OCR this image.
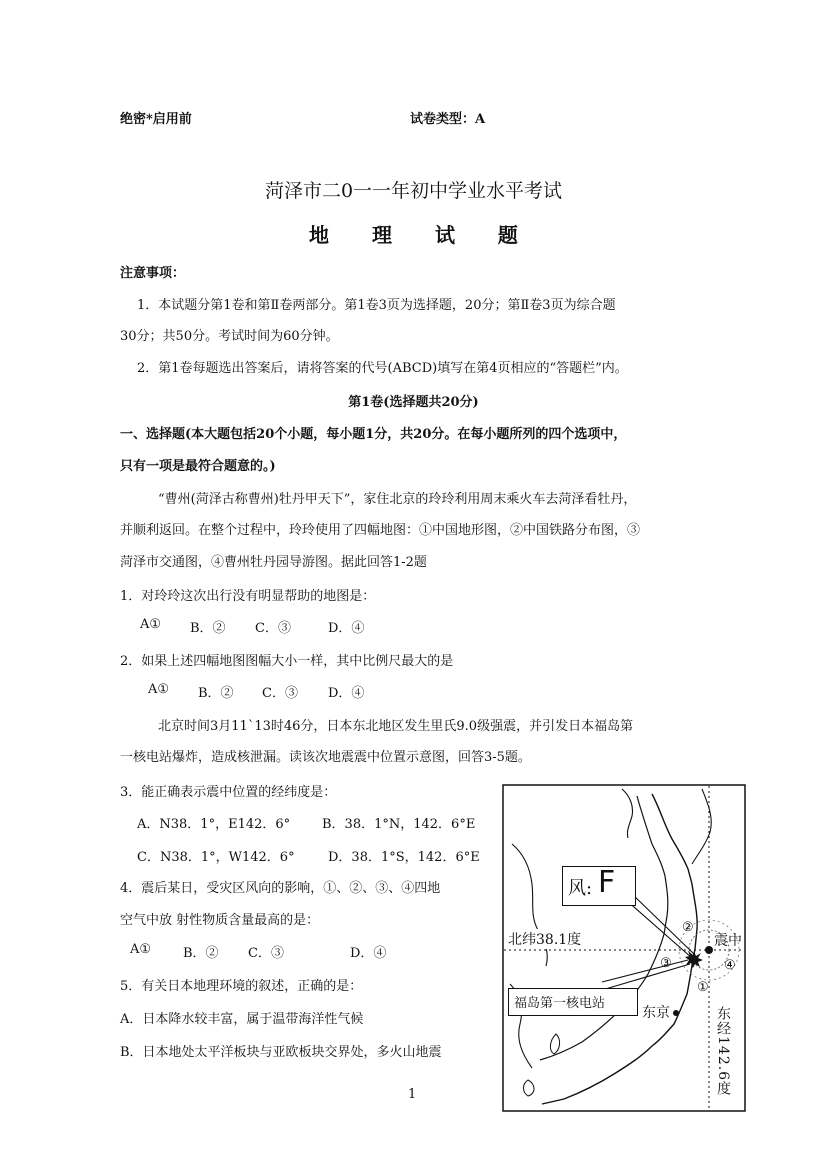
绝密*启用前	试卷类型：A
菏泽市二0一一年初中学业水平考试
地 理 试 题
注意事项：
1．本试题分第1卷和第Ⅱ卷两部分。第1卷3页为选择题，20分；第Ⅱ卷3页为综合题
30分；共50分。考试时间为60分钟。
2．第1卷每题选出答案后，请将答案的代号(ABCD)填写在第4页相应的“答题栏”内。
第1卷(选择题共20分)
一、选择题(本大题包括20个小题，每小题1分，共20分。在每小题所列的四个选项中，
只有一项是最符合题意的。)
“曹州(菏泽古称曹州)牡丹甲天下”，家住北京的玲玲利用周末乘火车去菏泽看牡丹，
并顺利返回。在整个过程中，玲玲使用了四幅地图：①中国地形图，②中国铁路分布图，③
菏泽市交通图，④曹州牡丹园导游图。据此回答1-2题
1．对玲玲这次出行没有明显帮助的地图是：
A① B．② C．③	D．④
2．如果上述四幅地图图幅大小一样，其中比例尺最大的是
A① B．② C．③ D．④
北京时间3月11`13时46分，日本东北地区发生里氏9.0级强震，并引发日本福岛第
一核电站爆炸，造成核泄漏。读该次地震震中位置示意图，回答3-5题。
3．能正确表示震中位置的经纬度是：
A．N38．1°，E142．6° B．38．1°N，142．6°E
C．N38．1°，W142．6°	D．38．1°S，142．6°E
4．震后某日，受灾区风向的影响，①、②、③、④四地
空气中放 射性物质含量最高的是：
A① B．② C．③	D．④
5．有关日本地理环境的叙述，正确的是：
A．日本降水较丰富，属于温带海洋性气候
B．日本地处太平洋板块与亚欧板块交界处，多火山地震
1
风: F
北纬38.1度	震中
②
③	④
①
福岛第一核电站
东京	东经142.6度
